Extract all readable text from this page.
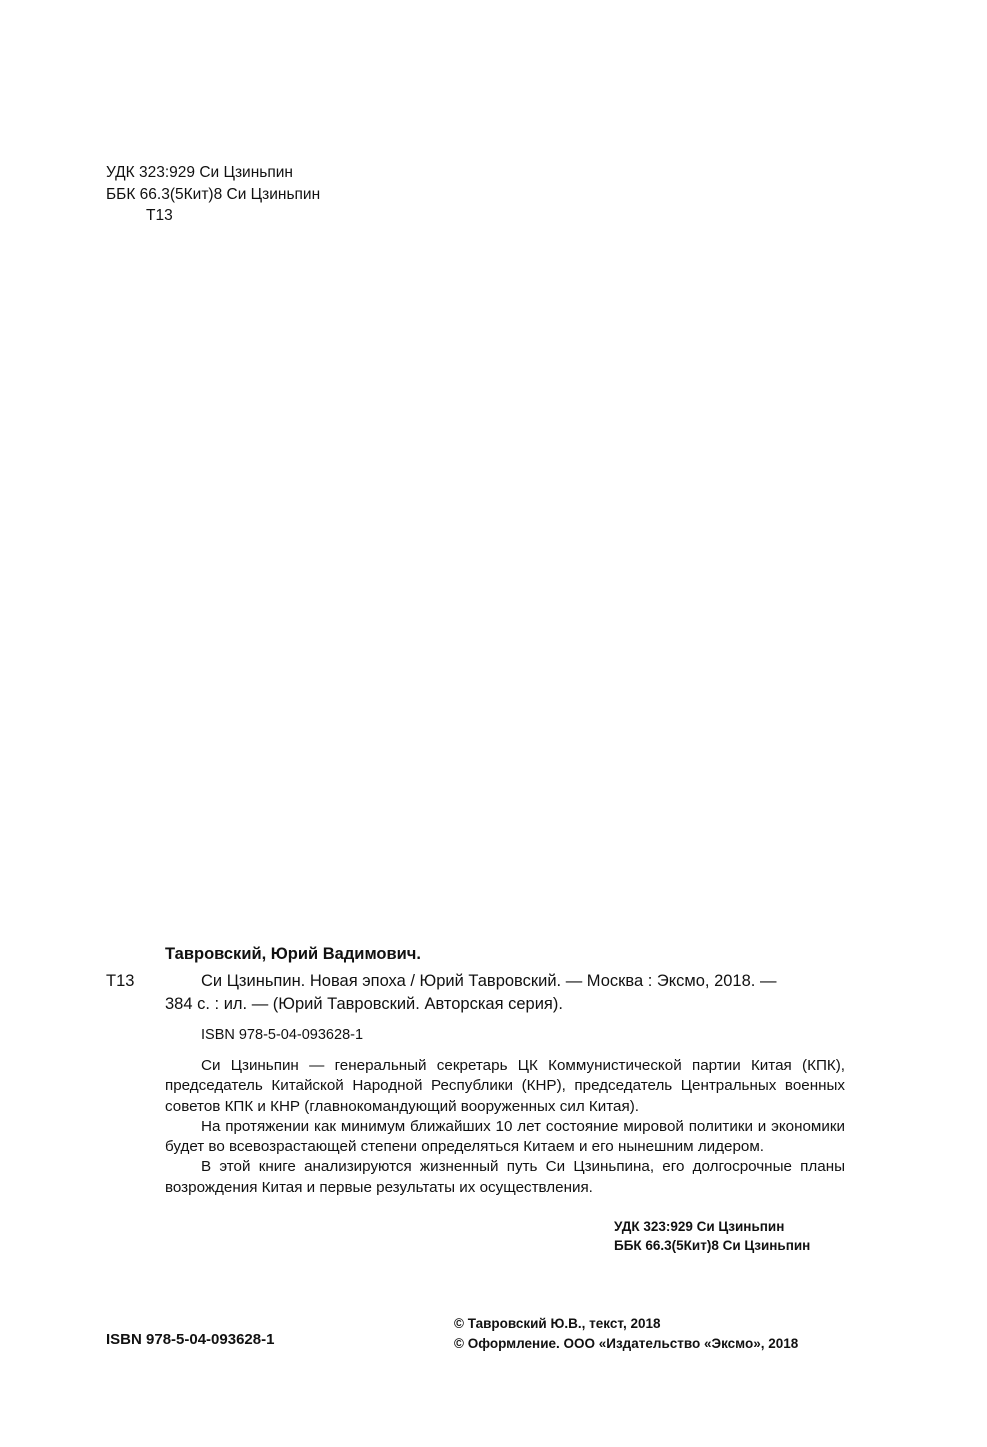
УДК 323:929 Си Цзиньпин
ББК 66.3(5Кит)8 Си Цзиньпин
Т13
Тавровский, Юрий Вадимович.
Т13	Си Цзиньпин. Новая эпоха / Юрий Тавровский. — Москва : Эксмо, 2018. —
384 с. : ил. — (Юрий Тавровский. Авторская серия).
ISBN 978-5-04-093628-1

Си Цзиньпин — генеральный секретарь ЦК Коммунистической партии Китая (КПК), председатель Китайской Народной Республики (КНР), председатель Центральных военных советов КПК и КНР (главнокомандующий вооруженных сил Китая).

На протяжении как минимум ближайших 10 лет состояние мировой политики и экономики будет во всевозрастающей степени определяться Китаем и его нынешним лидером.

В этой книге анализируются жизненный путь Си Цзиньпина, его долгосрочные планы возрождения Китая и первые результаты их осуществления.

УДК 323:929 Си Цзиньпин
ББК 66.3(5Кит)8 Си Цзиньпин
ISBN 978-5-04-093628-1
© Тавровский Ю.В., текст, 2018
© Оформление. ООО «Издательство «Эксмо», 2018
